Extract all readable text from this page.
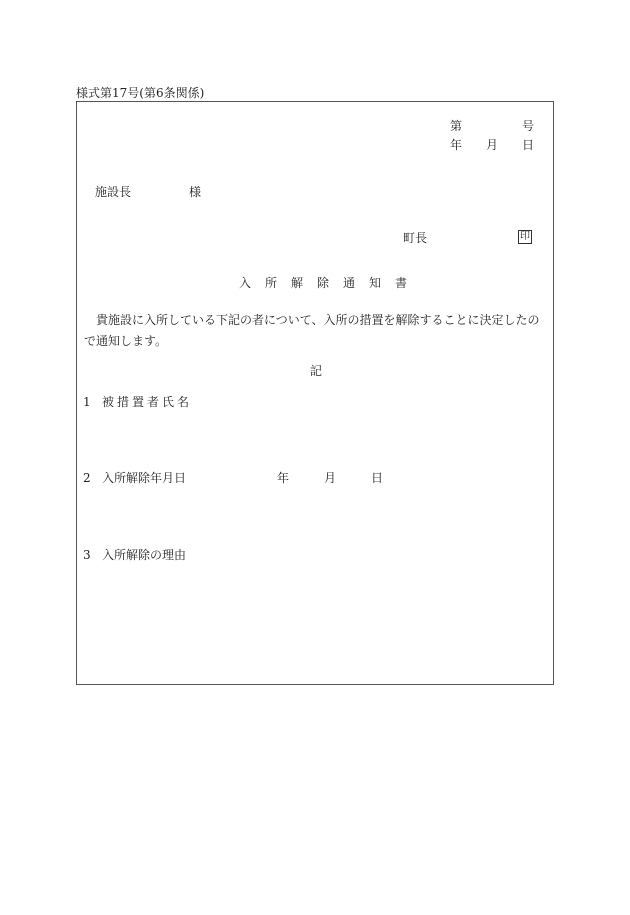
様式第17号(第6条関係)
第	号
年 月 日
施設長	様
町長	印
入所解除通知書
貴施設に入所している下記の者について、入所の措置を解除することに決定したので通知します。
記
1 被措置者氏名
2 入所解除年月日	年	月	日
3 入所解除の理由
